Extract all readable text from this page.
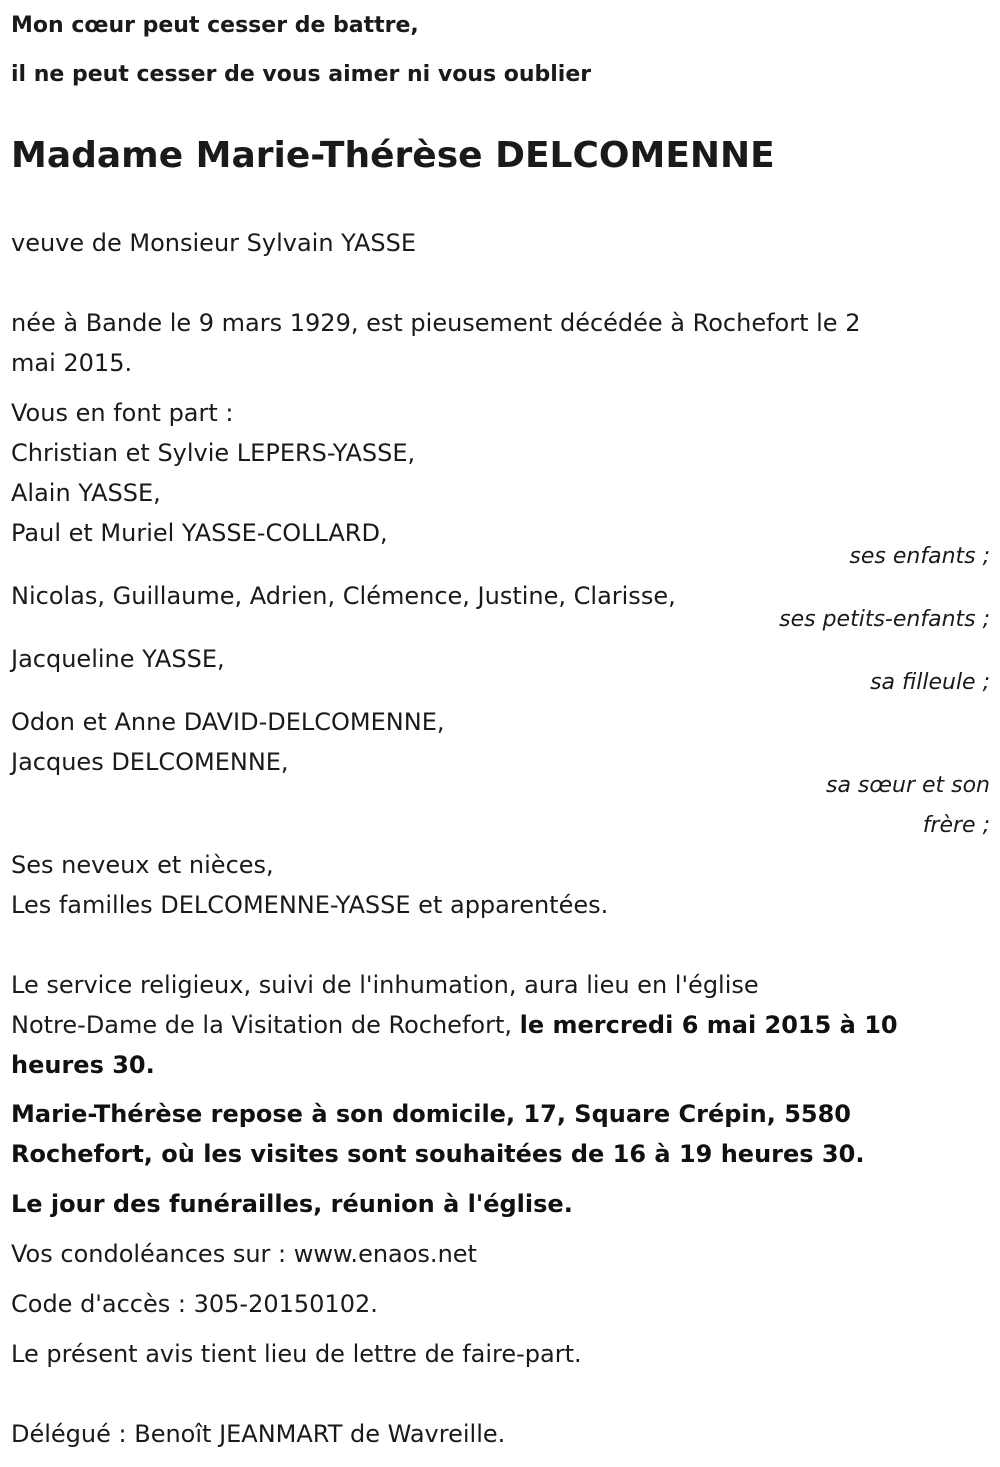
Mon cœur peut cesser de battre,
il ne peut cesser de vous aimer ni vous oublier
Madame Marie-Thérèse DELCOMENNE
veuve de Monsieur Sylvain YASSE
née à Bande le 9 mars 1929, est pieusement décédée à Rochefort le 2
mai 2015.
Vous en font part :
Christian et Sylvie LEPERS-YASSE,
Alain YASSE,
Paul et Muriel YASSE-COLLARD,
ses enfants ;
Nicolas, Guillaume, Adrien, Clémence, Justine, Clarisse,
ses petits-enfants ;
Jacqueline YASSE,
sa filleule ;
Odon et Anne DAVID-DELCOMENNE,
Jacques DELCOMENNE,
sa sœur et son
frère ;
Ses neveux et nièces,
Les familles DELCOMENNE-YASSE et apparentées.
Le service religieux, suivi de l'inhumation, aura lieu en l'église
Notre-Dame de la Visitation de Rochefort, le mercredi 6 mai 2015 à 10
heures 30.
Marie-Thérèse repose à son domicile, 17, Square Crépin, 5580
Rochefort, où les visites sont souhaitées de 16 à 19 heures 30.
Le jour des funérailles, réunion à l'église.
Vos condoléances sur : www.enaos.net
Code d'accès : 305-20150102.
Le présent avis tient lieu de lettre de faire-part.
Délégué : Benoît JEANMART de Wavreille.
